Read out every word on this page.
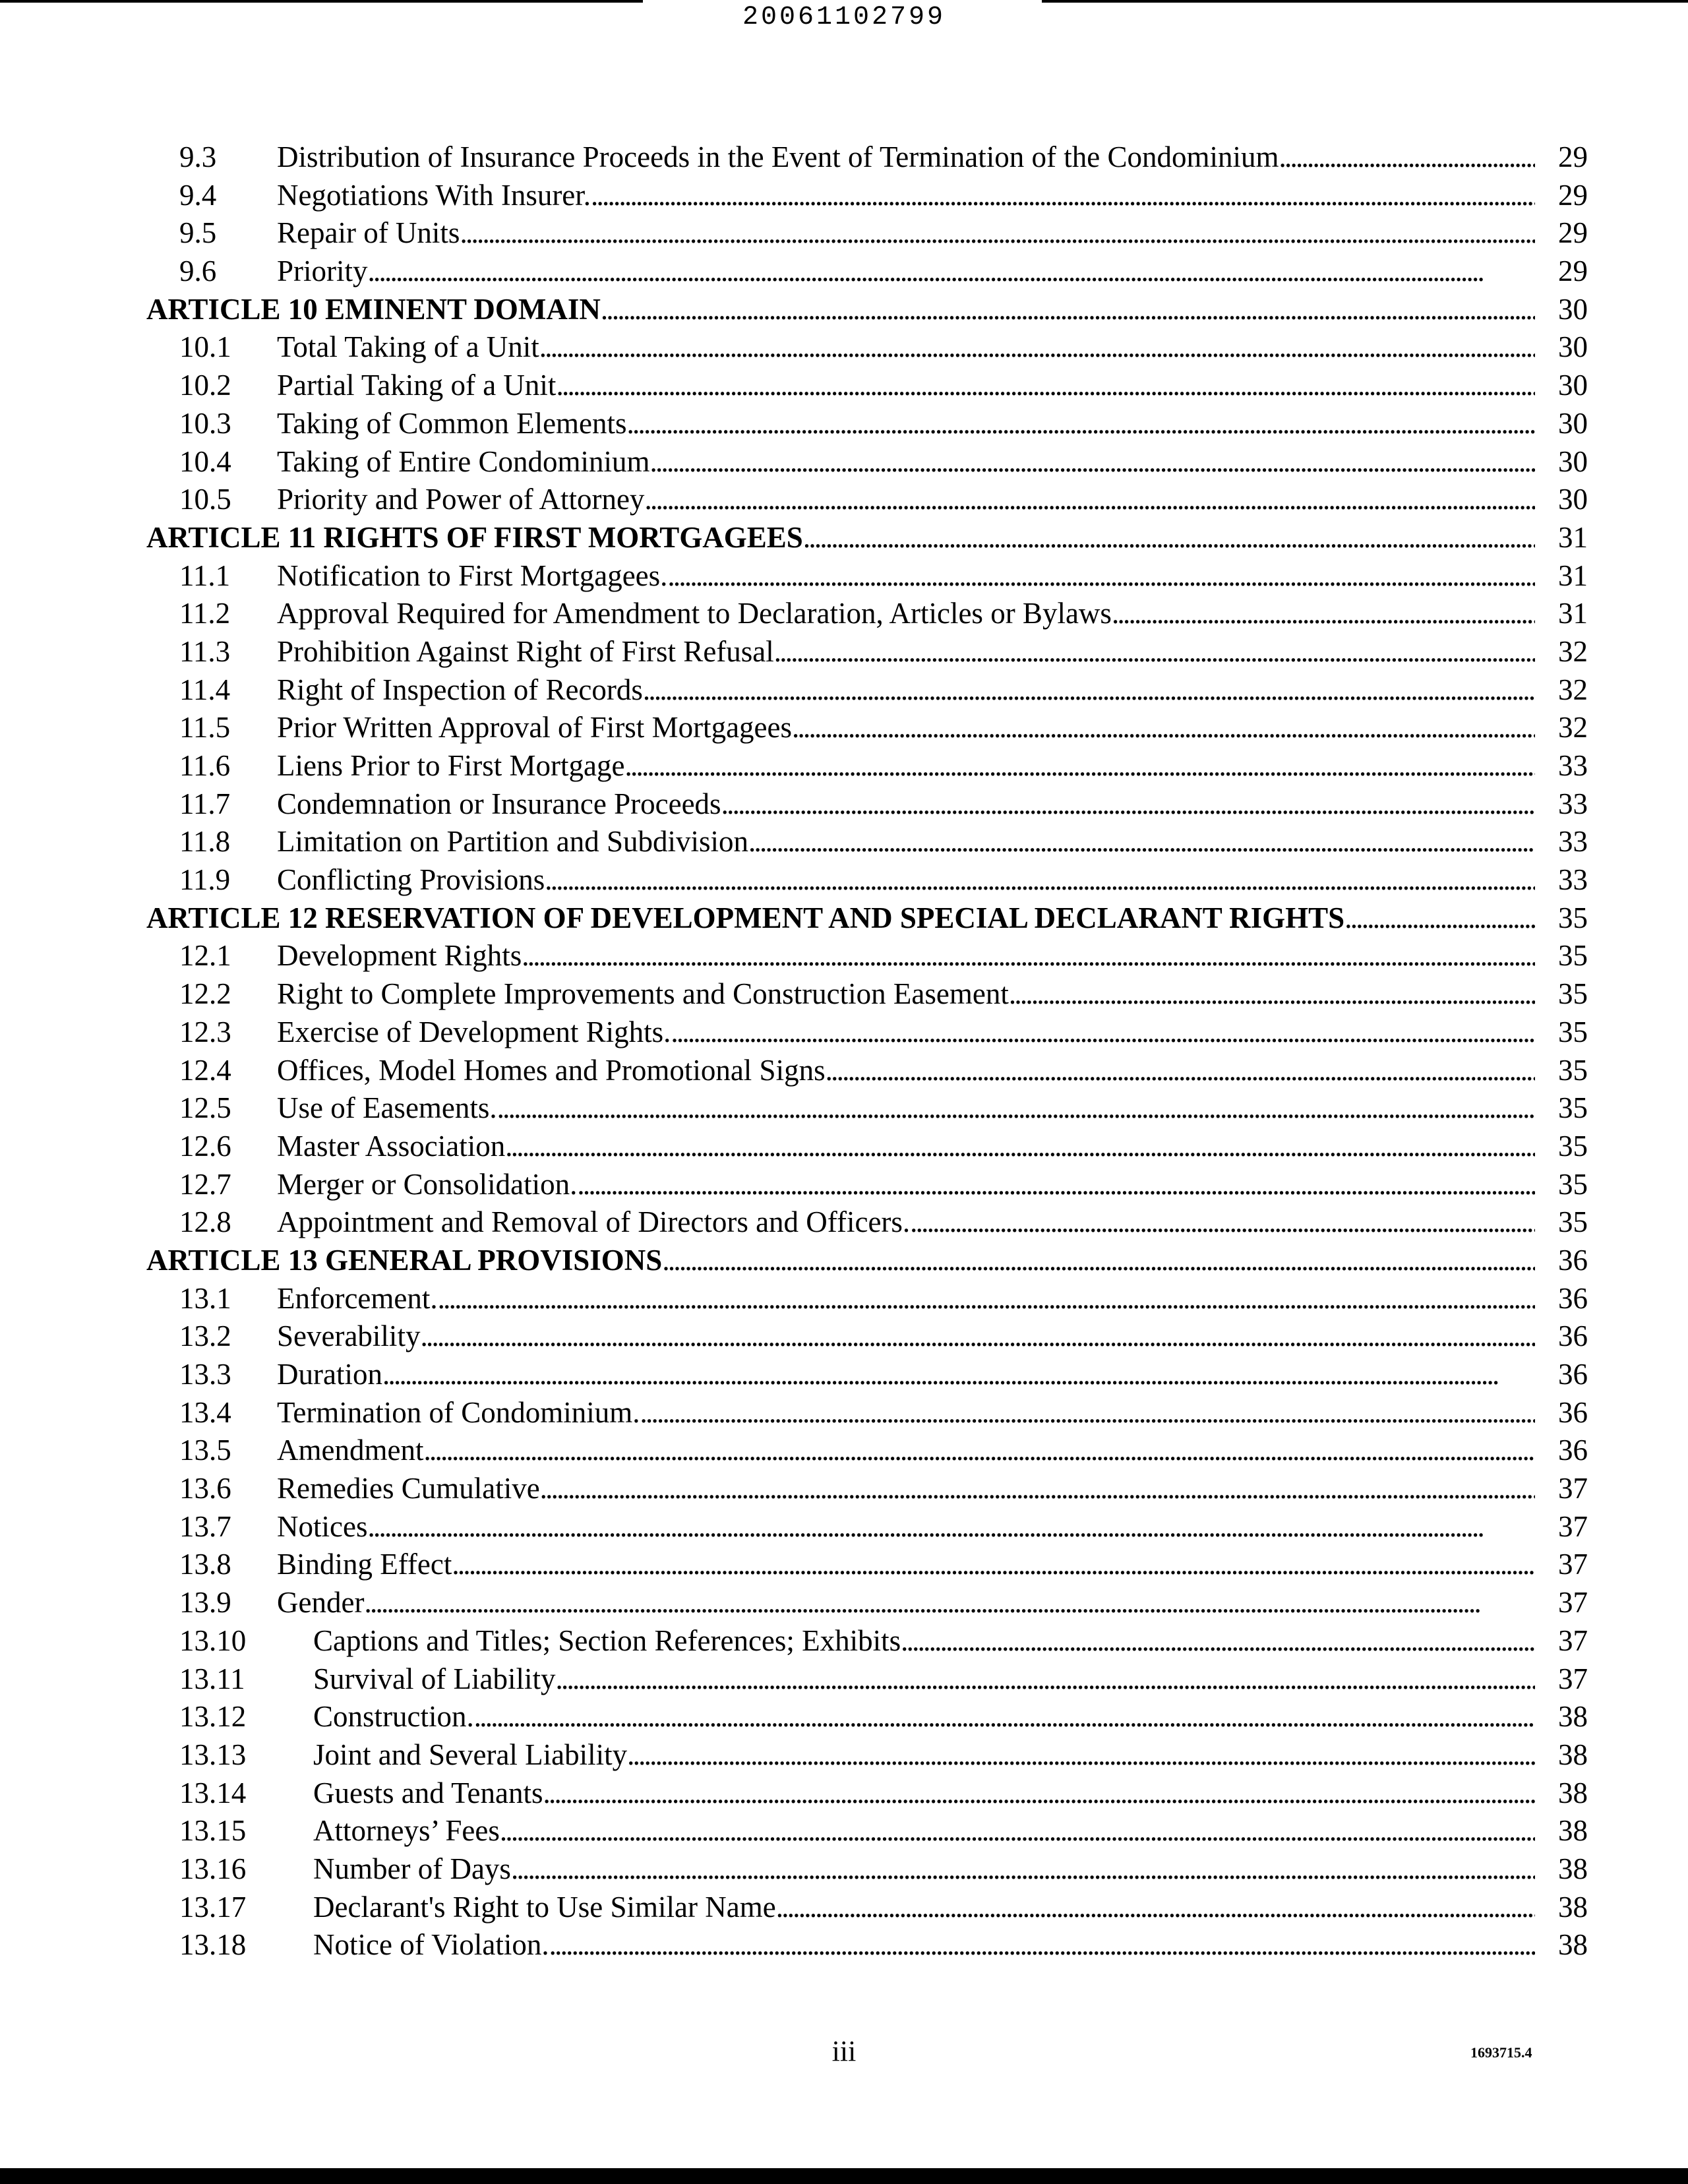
20061102799
9.3 Distribution of Insurance Proceeds in the Event of Termination of the Condominium . . .	29
9.4 Negotiations With Insurer. . . .	29
9.5 Repair of Units . . .	29
9.6 Priority . . .	29
ARTICLE 10 EMINENT DOMAIN . . .	30
10.1 Total Taking of a Unit . . .	30
10.2 Partial Taking of a Unit . . .	30
10.3 Taking of Common Elements . . .	30
10.4 Taking of Entire Condominium . . .	30
10.5 Priority and Power of Attorney . . .	30
ARTICLE 11 RIGHTS OF FIRST MORTGAGEES . . .	31
11.1 Notification to First Mortgagees. . . .	31
11.2 Approval Required for Amendment to Declaration, Articles or Bylaws . . .	31
11.3 Prohibition Against Right of First Refusal . . .	32
11.4 Right of Inspection of Records . . .	32
11.5 Prior Written Approval of First Mortgagees . . .	32
11.6 Liens Prior to First Mortgage . . .	33
11.7 Condemnation or Insurance Proceeds . . .	33
11.8 Limitation on Partition and Subdivision . . .	33
11.9 Conflicting Provisions . . .	33
ARTICLE 12 RESERVATION OF DEVELOPMENT AND SPECIAL DECLARANT RIGHTS . . .	35
12.1 Development Rights . . .	35
12.2 Right to Complete Improvements and Construction Easement . . .	35
12.3 Exercise of Development Rights. . . .	35
12.4 Offices, Model Homes and Promotional Signs . . .	35
12.5 Use of Easements. . . .	35
12.6 Master Association . . .	35
12.7 Merger or Consolidation. . . .	35
12.8 Appointment and Removal of Directors and Officers. . . .	35
ARTICLE 13 GENERAL PROVISIONS . . .	36
13.1 Enforcement. . . .	36
13.2 Severability . . .	36
13.3 Duration . . .	36
13.4 Termination of Condominium. . . .	36
13.5 Amendment . . .	36
13.6 Remedies Cumulative . . .	37
13.7 Notices . . .	37
13.8 Binding Effect . . .	37
13.9 Gender . . .	37
13.10 Captions and Titles; Section References; Exhibits . . .	37
13.11 Survival of Liability . . .	37
13.12 Construction. . . .	38
13.13 Joint and Several Liability . . .	38
13.14 Guests and Tenants . . .	38
13.15 Attorneys’ Fees . . .	38
13.16 Number of Days . . .	38
13.17 Declarant's Right to Use Similar Name . . .	38
13.18 Notice of Violation. . . .	38
iii	1693715.4
